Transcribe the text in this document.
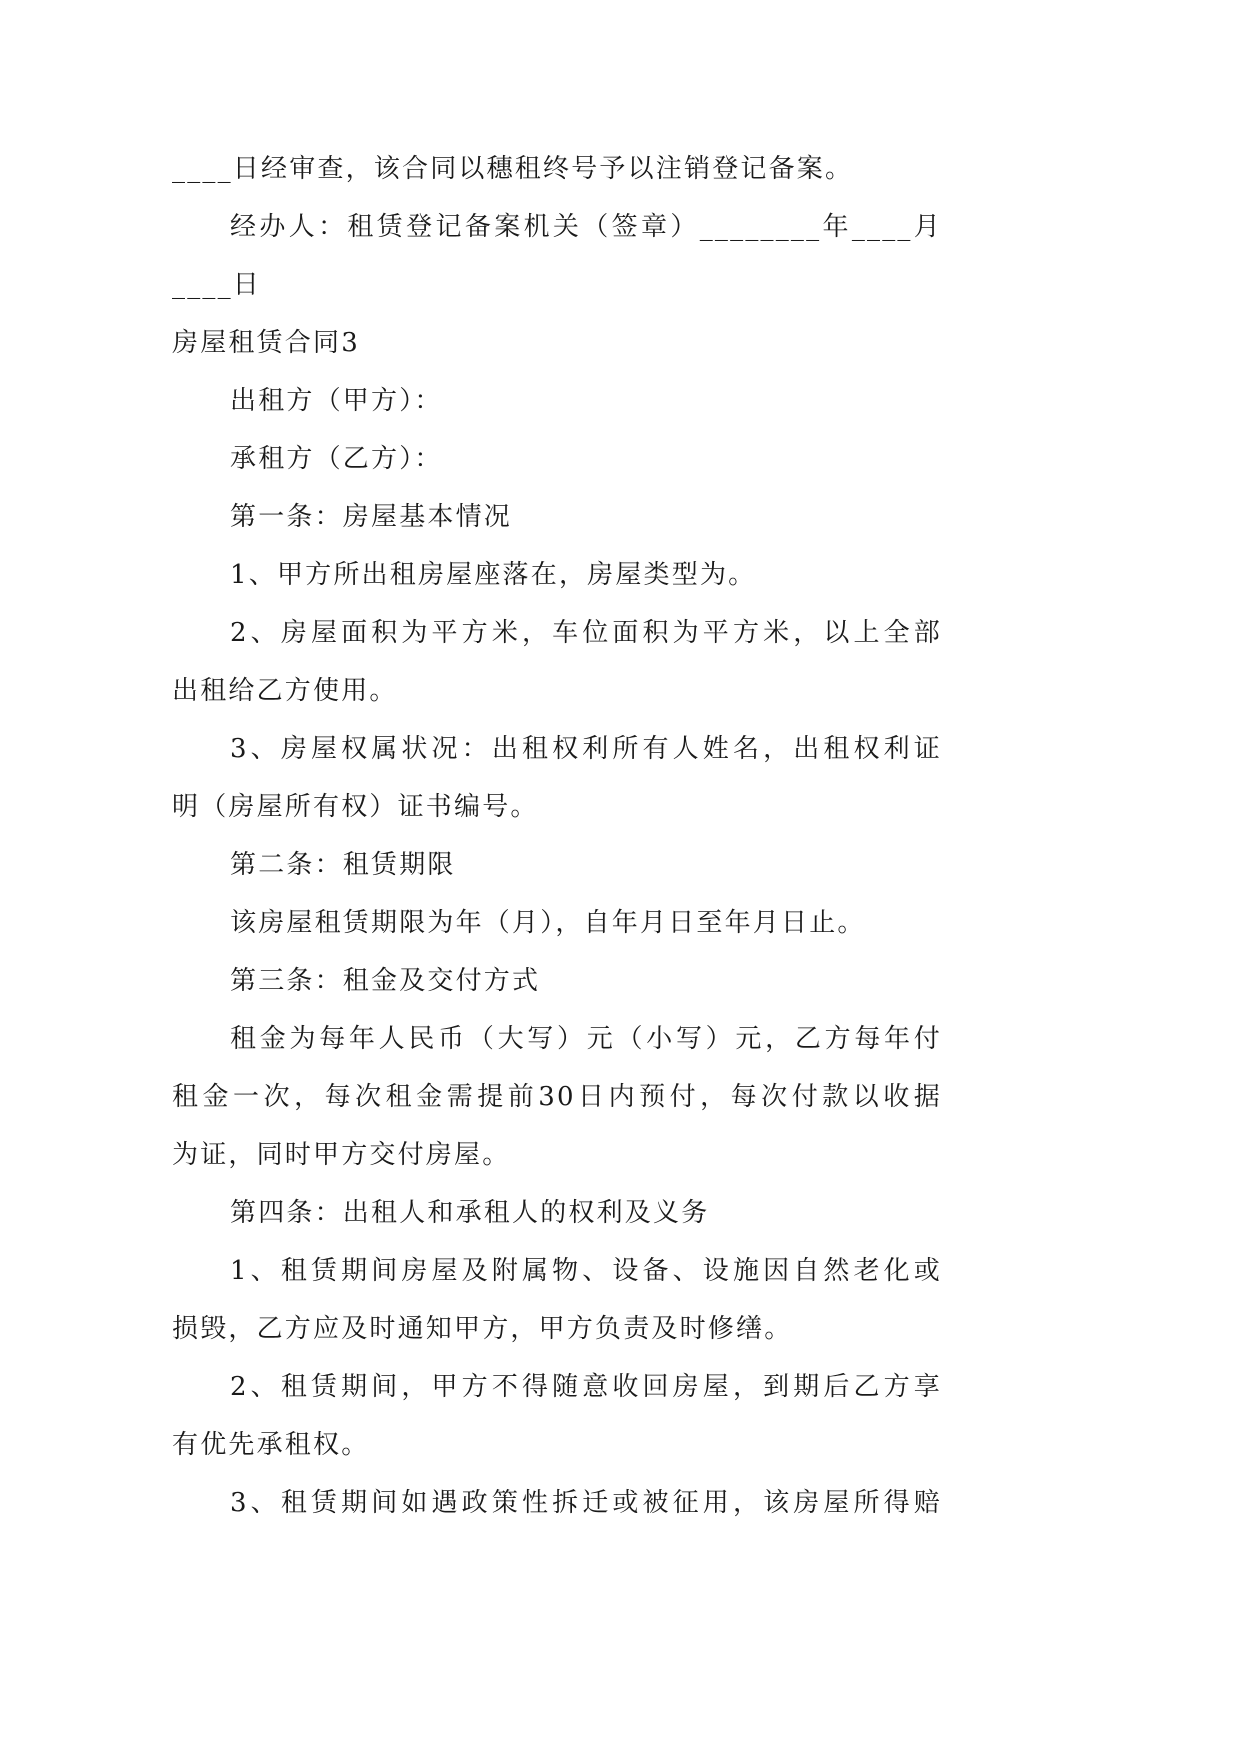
____日经审查，该合同以穗租终号予以注销登记备案。
经办人：租赁登记备案机关（签章）________年____月
____日
房屋租赁合同3
出租方（甲方）：
承租方（乙方）：
第一条：房屋基本情况
1、甲方所出租房屋座落在，房屋类型为。
2、房屋面积为平方米，车位面积为平方米，以上全部
出租给乙方使用。
3、房屋权属状况：出租权利所有人姓名，出租权利证
明（房屋所有权）证书编号。
第二条：租赁期限
该房屋租赁期限为年（月），自年月日至年月日止。
第三条：租金及交付方式
租金为每年人民币（大写）元（小写）元，乙方每年付
租金一次，每次租金需提前30日内预付，每次付款以收据
为证，同时甲方交付房屋。
第四条：出租人和承租人的权利及义务
1、租赁期间房屋及附属物、设备、设施因自然老化或
损毁，乙方应及时通知甲方，甲方负责及时修缮。
2、租赁期间，甲方不得随意收回房屋，到期后乙方享
有优先承租权。
3、租赁期间如遇政策性拆迁或被征用，该房屋所得赔
